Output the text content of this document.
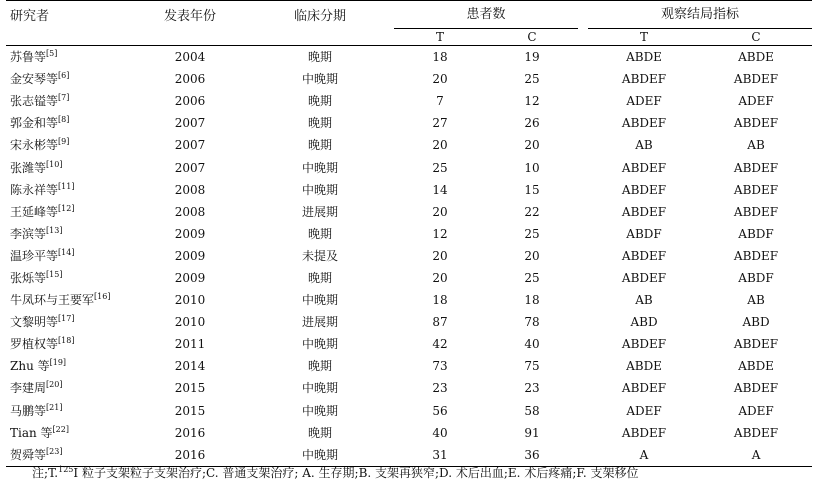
研究者	发表年份	临床分期		患者数			观察结局指标	
				T	C		T	C
苏鲁等[5]	2004	晚期		18	19		ABDE	ABDE
金安琴等[6]	2006	中晚期		20	25		ABDEF	ABDEF
张志镒等[7]	2006	晚期		7	12		ADEF	ADEF
郭金和等[8]	2007	晚期		27	26		ABDEF	ABDEF
宋永彬等[9]	2007	晚期		20	20		AB	AB
张潍等[10]	2007	中晚期		25	10		ABDEF	ABDEF
陈永祥等[11]	2008	中晚期		14	15		ABDEF	ABDEF
王延峰等[12]	2008	进展期		20	22		ABDEF	ABDEF
李滨等[13]	2009	晚期		12	25		ABDF	ABDF
温珍平等[14]	2009	未提及		20	20		ABDEF	ABDEF
张烁等[15]	2009	晚期		20	25		ABDEF	ABDF
牛凤环与王要军[16]	2010	中晚期		18	18		AB	AB
文黎明等[17]	2010	进展期		87	78		ABD	ABD
罗植权等[18]	2011	中晚期		42	40		ABDEF	ABDEF
Zhu 等[19]	2014	晚期		73	75		ABDE	ABDE
李建周[20]	2015	中晚期		23	23		ABDEF	ABDEF
马鹏等[21]	2015	中晚期		56	58		ADEF	ADEF
Tian 等[22]	2016	晚期		40	91		ABDEF	ABDEF
贺舜等[23]	2016	中晚期		31	36		A	A
注;T.$^{125}$I 粒子支架粒子支架治疗;C. 普通支架治疗; A. 生存期;B. 支架再狭窄;D. 术后出血;E. 术后疼痛;F. 支架移位
